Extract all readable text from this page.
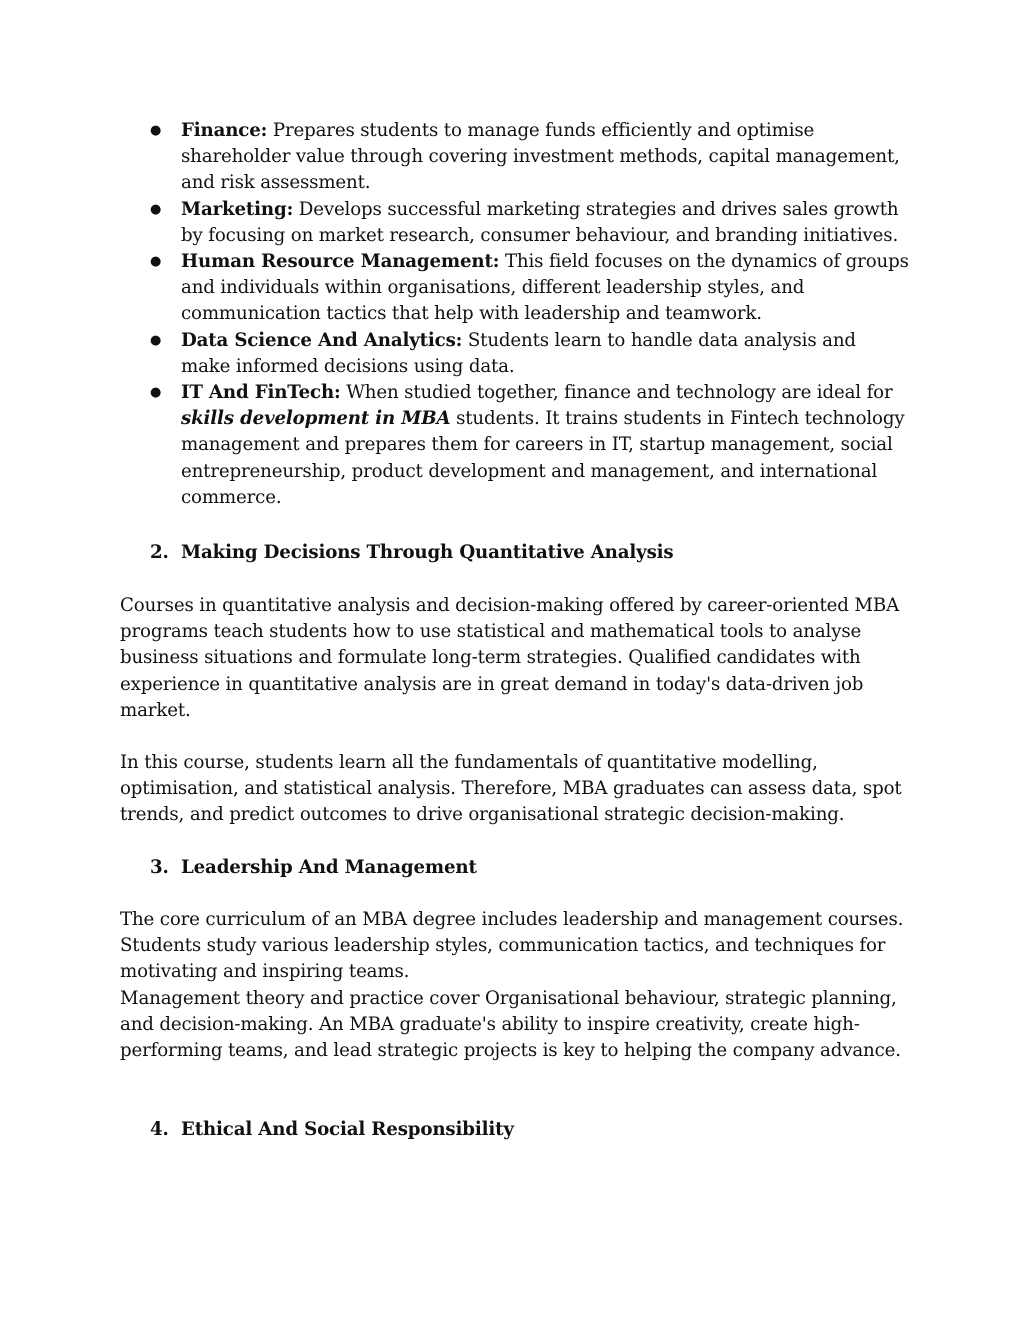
● Finance: Prepares students to manage funds efficiently and optimise shareholder value through covering investment methods, capital management, and risk assessment.
● Marketing: Develops successful marketing strategies and drives sales growth by focusing on market research, consumer behaviour, and branding initiatives.
● Human Resource Management: This field focuses on the dynamics of groups and individuals within organisations, different leadership styles, and communication tactics that help with leadership and teamwork.
● Data Science And Analytics: Students learn to handle data analysis and make informed decisions using data.
● IT And FinTech: When studied together, finance and technology are ideal for skills development in MBA students. It trains students in Fintech technology management and prepares them for careers in IT, startup management, social entrepreneurship, product development and management, and international commerce.
2. Making Decisions Through Quantitative Analysis

Courses in quantitative analysis and decision-making offered by career-oriented MBA programs teach students how to use statistical and mathematical tools to analyse business situations and formulate long-term strategies. Qualified candidates with experience in quantitative analysis are in great demand in today's data-driven job market.

In this course, students learn all the fundamentals of quantitative modelling, optimisation, and statistical analysis. Therefore, MBA graduates can assess data, spot trends, and predict outcomes to drive organisational strategic decision-making.

3. Leadership And Management

The core curriculum of an MBA degree includes leadership and management courses. Students study various leadership styles, communication tactics, and techniques for motivating and inspiring teams.

Management theory and practice cover Organisational behaviour, strategic planning, and decision-making. An MBA graduate's ability to inspire creativity, create high-performing teams, and lead strategic projects is key to helping the company advance.

4. Ethical And Social Responsibility
